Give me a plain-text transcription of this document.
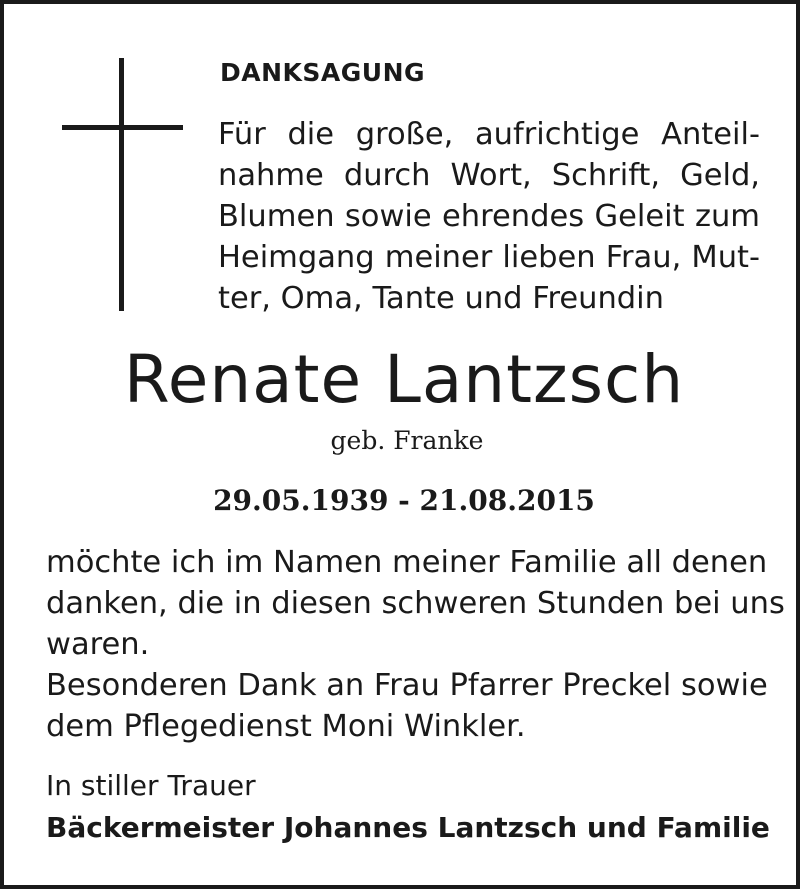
DANKSAGUNG
Für die große, aufrichtige Anteil-
nahme durch Wort, Schrift, Geld,
Blumen sowie ehrendes Geleit zum
Heimgang meiner lieben Frau, Mut-
ter, Oma, Tante und Freundin
Renate Lantzsch
geb. Franke
29.05.1939 - 21.08.2015
möchte ich im Namen meiner Familie all denen
danken, die in diesen schweren Stunden bei uns
waren.
Besonderen Dank an Frau Pfarrer Preckel sowie
dem Pflegedienst Moni Winkler.
In stiller Trauer
Bäckermeister Johannes Lantzsch und Familie
